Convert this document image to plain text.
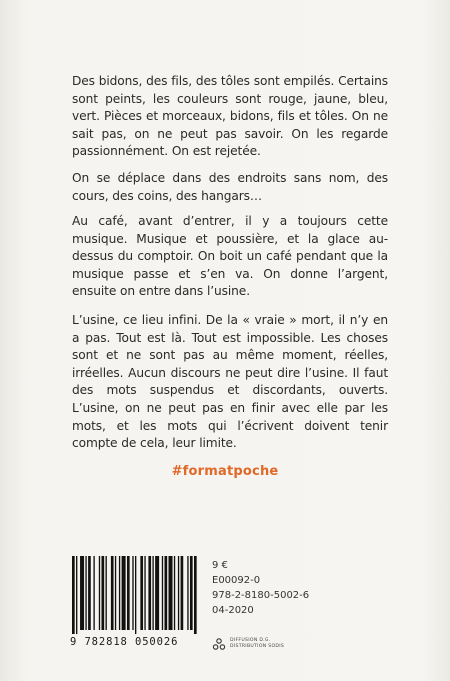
Des bidons, des fils, des tôles sont empilés. Certains sont peints, les couleurs sont rouge, jaune, bleu, vert. Pièces et morceaux, bidons, fils et tôles. On ne sait pas, on ne peut pas savoir. On les regarde passionnément. On est rejetée.
On se déplace dans des endroits sans nom, des cours, des coins, des hangars…
Au café, avant d’entrer, il y a toujours cette musique. Musique et poussière, et la glace au-dessus du comptoir. On boit un café pendant que la musique passe et s’en va. On donne l’argent, ensuite on entre dans l’usine.
L’usine, ce lieu infini. De la « vraie » mort, il n’y en a pas. Tout est là. Tout est impossible. Les choses sont et ne sont pas au même moment, réelles, irréelles. Aucun discours ne peut dire l’usine. Il faut des mots suspendus et discordants, ouverts. L’usine, on ne peut pas en finir avec elle par les mots, et les mots qui l’écrivent doivent tenir compte de cela, leur limite.
#formatpoche
9 782818 050026
9 €
E00092-0
978-2-8180-5002-6
04-2020
DIFFUSION D.G.
DISTRIBUTION SODIS
